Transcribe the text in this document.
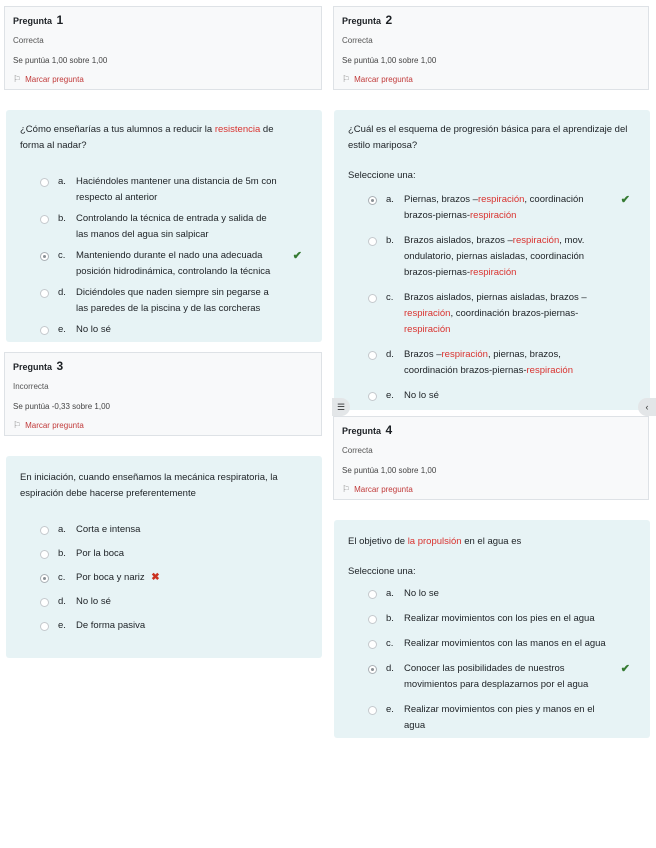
Pregunta 1
Correcta
Se puntúa 1,00 sobre 1,00
⚐ Marcar pregunta
¿Cómo enseñarías a tus alumnos a reducir la resistencia de forma al nadar?
a. Haciéndoles mantener una distancia de 5m con respecto al anterior
b. Controlando la técnica de entrada y salida de las manos del agua sin salpicar
c. Manteniendo durante el nado una adecuada posición hidrodinámica, controlando la técnica
✔
d. Diciéndoles que naden siempre sin pegarse a las paredes de la piscina y de las corcheras
e. No lo sé
Pregunta 3
Incorrecta
Se puntúa -0,33 sobre 1,00
⚐ Marcar pregunta
En iniciación, cuando enseñamos la mecánica respiratoria, la espiración debe hacerse preferentemente
a. Corta e intensa
b. Por la boca
c. Por boca y nariz ✖
d. No lo sé
e. De forma pasiva
Pregunta 2
Correcta
Se puntúa 1,00 sobre 1,00
⚐ Marcar pregunta
¿Cuál es el esquema de progresión básica para el aprendizaje del estilo mariposa?
Seleccione una:
a. Piernas, brazos –respiración, coordinación brazos-piernas-respiración
✔
b. Brazos aislados, brazos –respiración, mov. ondulatorio, piernas aisladas, coordinación brazos-piernas-respiración
c. Brazos aislados, piernas aisladas, brazos –respiración, coordinación brazos-piernas-respiración
d. Brazos –respiración, piernas, brazos, coordinación brazos-piernas-respiración
e. No lo sé
☰	‹
Pregunta 4
Correcta
Se puntúa 1,00 sobre 1,00
⚐ Marcar pregunta
El objetivo de la propulsión en el agua es
Seleccione una:
a. No lo se
b. Realizar movimientos con los pies en el agua
c. Realizar movimientos con las manos en el agua
d. Conocer las posibilidades de nuestros movimientos para desplazarnos por el agua
✔
e. Realizar movimientos con pies y manos en el agua
